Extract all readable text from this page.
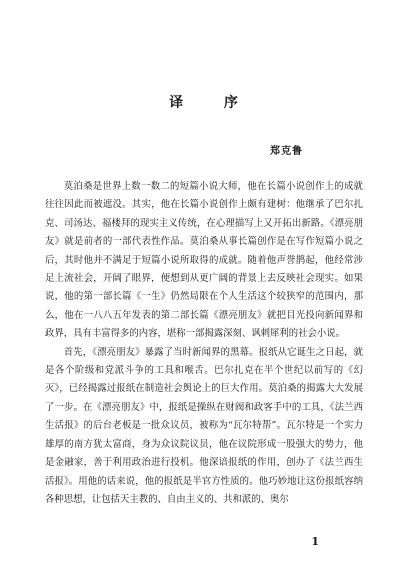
译 序
郑克鲁

莫泊桑是世界上数一数二的短篇小说大师，他在长篇小说创作上的成就往往因此而被遮没。其实，他在长篇小说创作上颇有建树：他继承了巴尔扎克、司汤达、福楼拜的现实主义传统，在心理描写上又开拓出新路。《漂亮朋友》就是前者的一部代表性作品。莫泊桑从事长篇创作是在写作短篇小说之后，其时他并不满足于短篇小说所取得的成就。随着他声誉鹊起，他经常涉足上流社会，开阔了眼界，便想到从更广阔的背景上去反映社会现实。如果说，他的第一部长篇《一生》仍然局限在个人生活这个较狭窄的范围内，那么，他在一八八五年发表的第二部长篇《漂亮朋友》就把目光投向新闻界和政界，具有丰富得多的内容，堪称一部揭露深刻、讽刺犀利的社会小说。

首先，《漂亮朋友》暴露了当时新闻界的黑幕。报纸从它诞生之日起，就是各个阶级和党派斗争的工具和喉舌。巴尔扎克在半个世纪以前写的《幻灭》，已经揭露过报纸在制造社会舆论上的巨大作用。莫泊桑的揭露大大发展了一步。在《漂亮朋友》中，报纸是操纵在财阀和政客手中的工具，《法兰西生活报》的后台老板是一批众议员，被称为“瓦尔特帮”。瓦尔特是一个实力雄厚的南方犹太富商，身为众议院议员，他在议院形成一股强大的势力，他是金融家，善于利用政治进行投机。他深谙报纸的作用，创办了《法兰西生活报》。用他的话来说，他的报纸是半官方性质的。他巧妙地让这份报纸容纳各种思想，让包括天主教的、自由主义的、共和派的、奥尔

1
